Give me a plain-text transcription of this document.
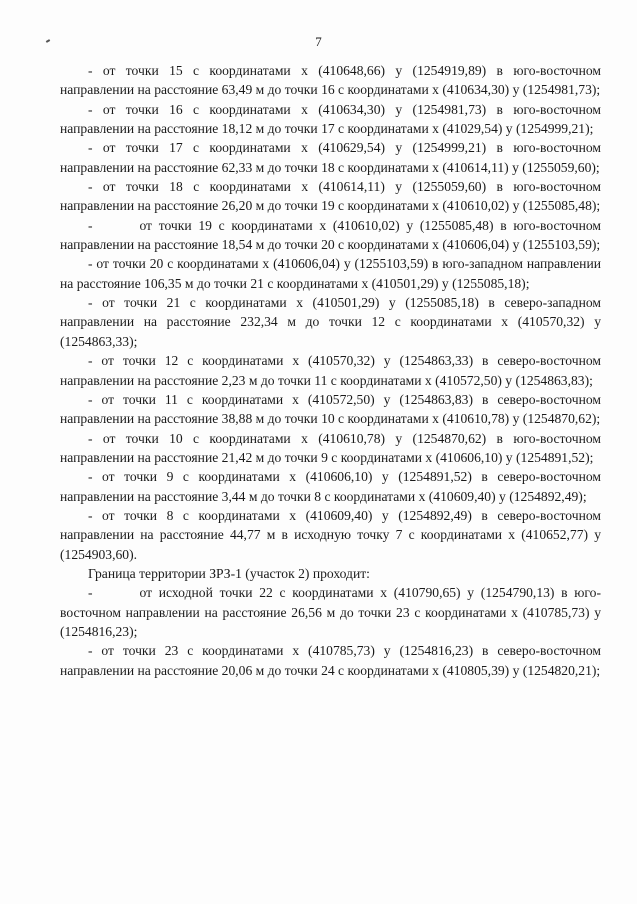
7

- от точки 15 с координатами х (410648,66) у (1254919,89) в юго-восточном направлении на расстояние 63,49 м до точки 16 с координатами х (410634,30) у (1254981,73);

- от точки 16 с координатами х (410634,30) у (1254981,73) в юго-восточном направлении на расстояние 18,12 м до точки 17 с координатами х (41029,54) у (1254999,21);

- от точки 17 с координатами х (410629,54) у (1254999,21) в юго-восточном направлении на расстояние 62,33 м до точки 18 с координатами х (410614,11) у (1255059,60);

- от точки 18 с координатами х (410614,11) у (1255059,60) в юго-восточном направлении на расстояние 26,20 м до точки 19 с координатами х (410610,02) у (1255085,48);

-       от точки 19 с координатами х (410610,02) у (1255085,48) в юго-восточном направлении на расстояние 18,54 м до точки 20 с координатами х (410606,04) у (1255103,59);

- от точки 20 с координатами х (410606,04) у (1255103,59) в юго-западном направлении на расстояние 106,35 м до точки 21 с координатами х (410501,29) у (1255085,18);

- от точки 21 с координатами х (410501,29) у (1255085,18) в северо-западном направлении на расстояние 232,34 м до точки 12 с координатами х (410570,32) у (1254863,33);

- от точки 12 с координатами х (410570,32) у (1254863,33) в северо-восточном направлении на расстояние 2,23 м до точки 11 с координатами х (410572,50) у (1254863,83);

- от точки 11 с координатами х (410572,50) у (1254863,83) в северо-восточном направлении на расстояние 38,88 м до точки 10 с координатами х (410610,78) у (1254870,62);

- от точки 10 с координатами х (410610,78) у (1254870,62) в юго-восточном направлении на расстояние 21,42 м до точки 9 с координатами х (410606,10) у (1254891,52);

- от точки 9 с координатами х (410606,10) у (1254891,52) в северо-восточном направлении на расстояние 3,44 м до точки 8 с координатами х (410609,40) у (1254892,49);

- от точки 8 с координатами х (410609,40) у (1254892,49) в северо-восточном направлении на расстояние 44,77 м в исходную точку 7 с координатами х (410652,77) у (1254903,60).

Граница территории ЗРЗ-1 (участок 2) проходит:

-       от исходной точки 22 с координатами х (410790,65) у (1254790,13) в юго-восточном направлении на расстояние 26,56 м до точки 23 с координатами х (410785,73) у (1254816,23);

- от точки 23 с координатами х (410785,73) у (1254816,23) в северо-восточном направлении на расстояние 20,06 м до точки 24 с координатами х (410805,39) у (1254820,21);
